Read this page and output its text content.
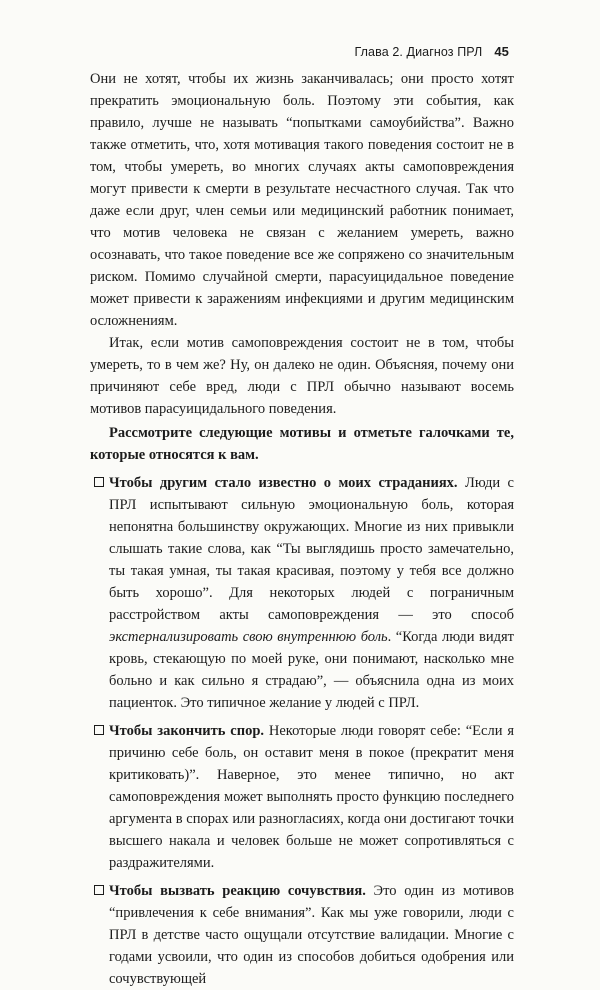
Глава 2. Диагноз ПРЛ 45

Они не хотят, чтобы их жизнь заканчивалась; они просто хотят прекратить эмоциональную боль. Поэтому эти события, как правило, лучше не называть “попытками самоубийства”. Важно также отметить, что, хотя мотивация такого поведения состоит не в том, чтобы умереть, во многих случаях акты самоповреждения могут привести к смерти в результате несчастного случая. Так что даже если друг, член семьи или медицинский работник понимает, что мотив человека не связан с желанием умереть, важно осознавать, что такое поведение все же сопряжено со значительным риском. Помимо случайной смерти, парасуицидальное поведение может привести к заражениям инфекциями и другим медицинским осложнениям.

Итак, если мотив самоповреждения состоит не в том, чтобы умереть, то в чем же? Ну, он далеко не один. Объясняя, почему они причиняют себе вред, люди с ПРЛ обычно называют восемь мотивов парасуицидального поведения.

Рассмотрите следующие мотивы и отметьте галочками те, которые относятся к вам.

Чтобы другим стало известно о моих страданиях. Люди с ПРЛ испытывают сильную эмоциональную боль, которая непонятна большинству окружающих. Многие из них привыкли слышать такие слова, как “Ты выглядишь просто замечательно, ты такая умная, ты такая красивая, поэтому у тебя все должно быть хорошо”. Для некоторых людей с пограничным расстройством акты самоповреждения — это способ экстернализировать свою внутреннюю боль. “Когда люди видят кровь, стекающую по моей руке, они понимают, насколько мне больно и как сильно я страдаю”, — объяснила одна из моих пациенток. Это типичное желание у людей с ПРЛ.

Чтобы закончить спор. Некоторые люди говорят себе: “Если я причиню себе боль, он оставит меня в покое (прекратит меня критиковать)”. Наверное, это менее типично, но акт самоповреждения может выполнять просто функцию последнего аргумента в спорах или разногласиях, когда они достигают точки высшего накала и человек больше не может сопротивляться с раздражителями.

Чтобы вызвать реакцию сочувствия. Это один из мотивов “привлечения к себе внимания”. Как мы уже говорили, люди с ПРЛ в детстве часто ощущали отсутствие валидации. Многие с годами усвоили, что один из способов добиться одобрения или сочувствующей
